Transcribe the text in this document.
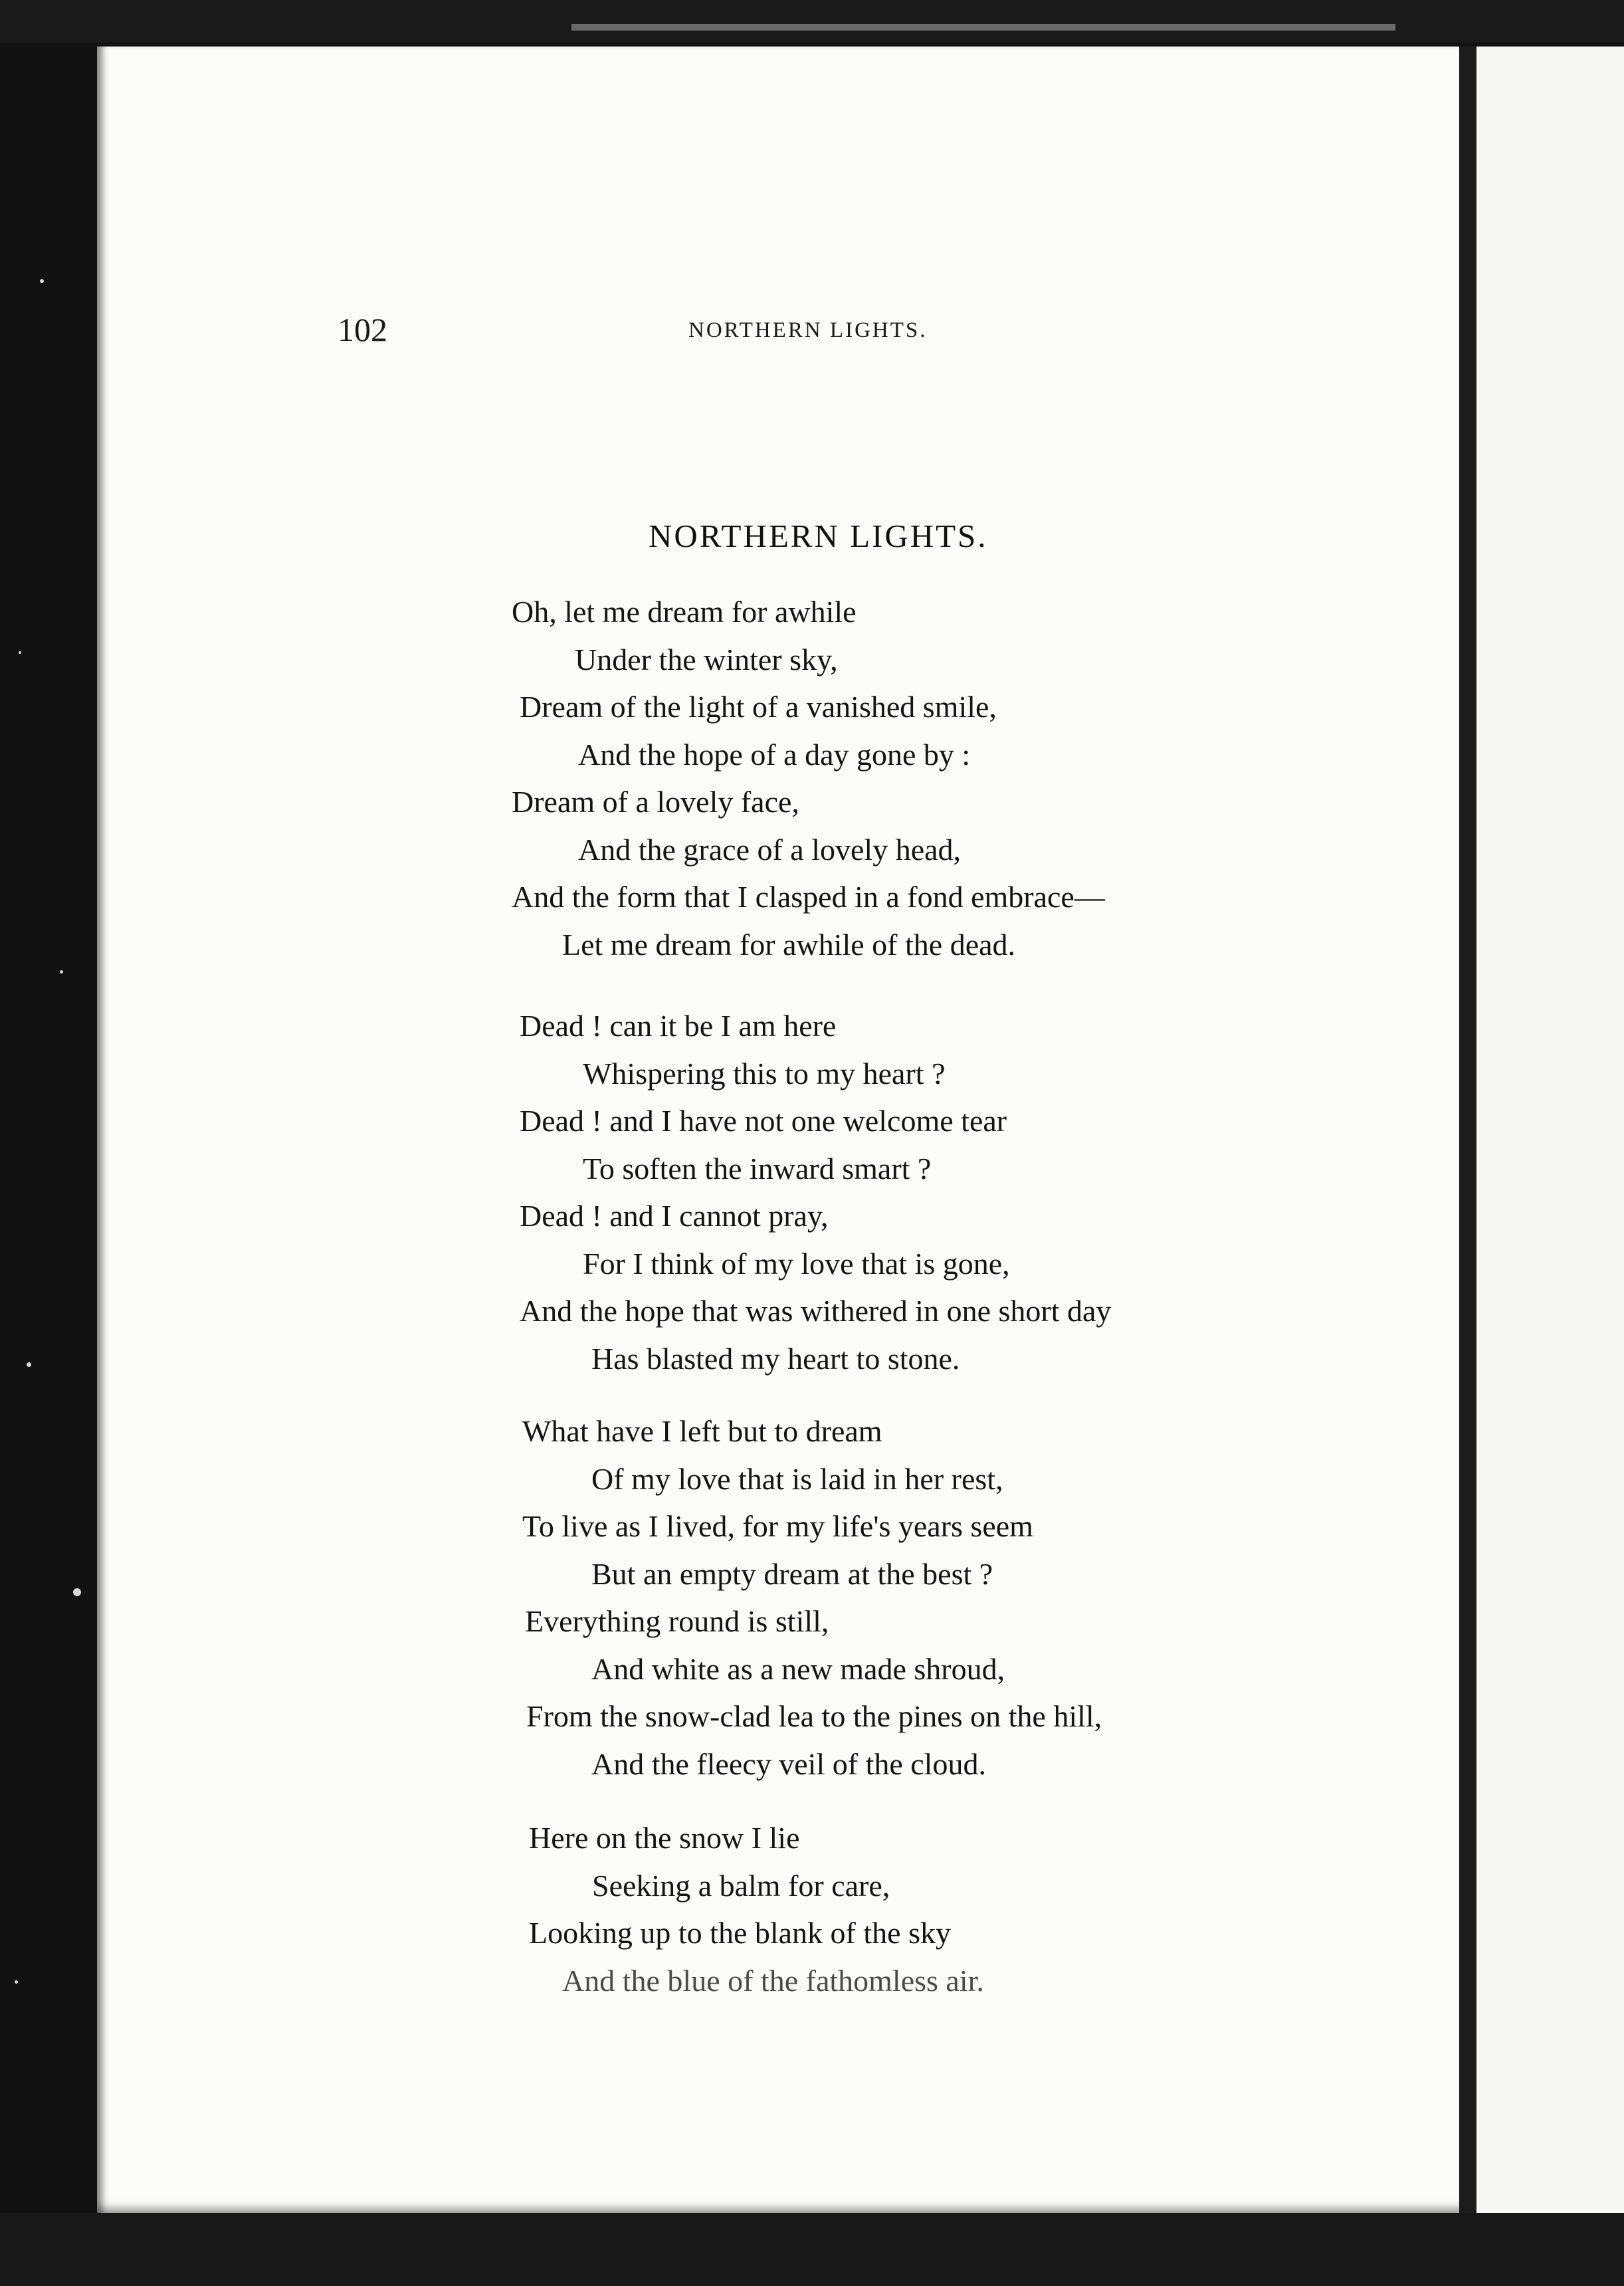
102	NORTHERN LIGHTS.
NORTHERN LIGHTS.
Oh, let me dream for awhile
Under the winter sky,
Dream of the light of a vanished smile,
And the hope of a day gone by :
Dream of a lovely face,
And the grace of a lovely head,
And the form that I clasped in a fond embrace—
Let me dream for awhile of the dead.
Dead ! can it be I am here
Whispering this to my heart ?
Dead ! and I have not one welcome tear
To soften the inward smart ?
Dead ! and I cannot pray,
For I think of my love that is gone,
And the hope that was withered in one short day
Has blasted my heart to stone.
What have I left but to dream
Of my love that is laid in her rest,
To live as I lived, for my life's years seem
But an empty dream at the best ?
Everything round is still,
And white as a new made shroud,
From the snow-clad lea to the pines on the hill,
And the fleecy veil of the cloud.
Here on the snow I lie
Seeking a balm for care,
Looking up to the blank of the sky
And the blue of the fathomless air.
